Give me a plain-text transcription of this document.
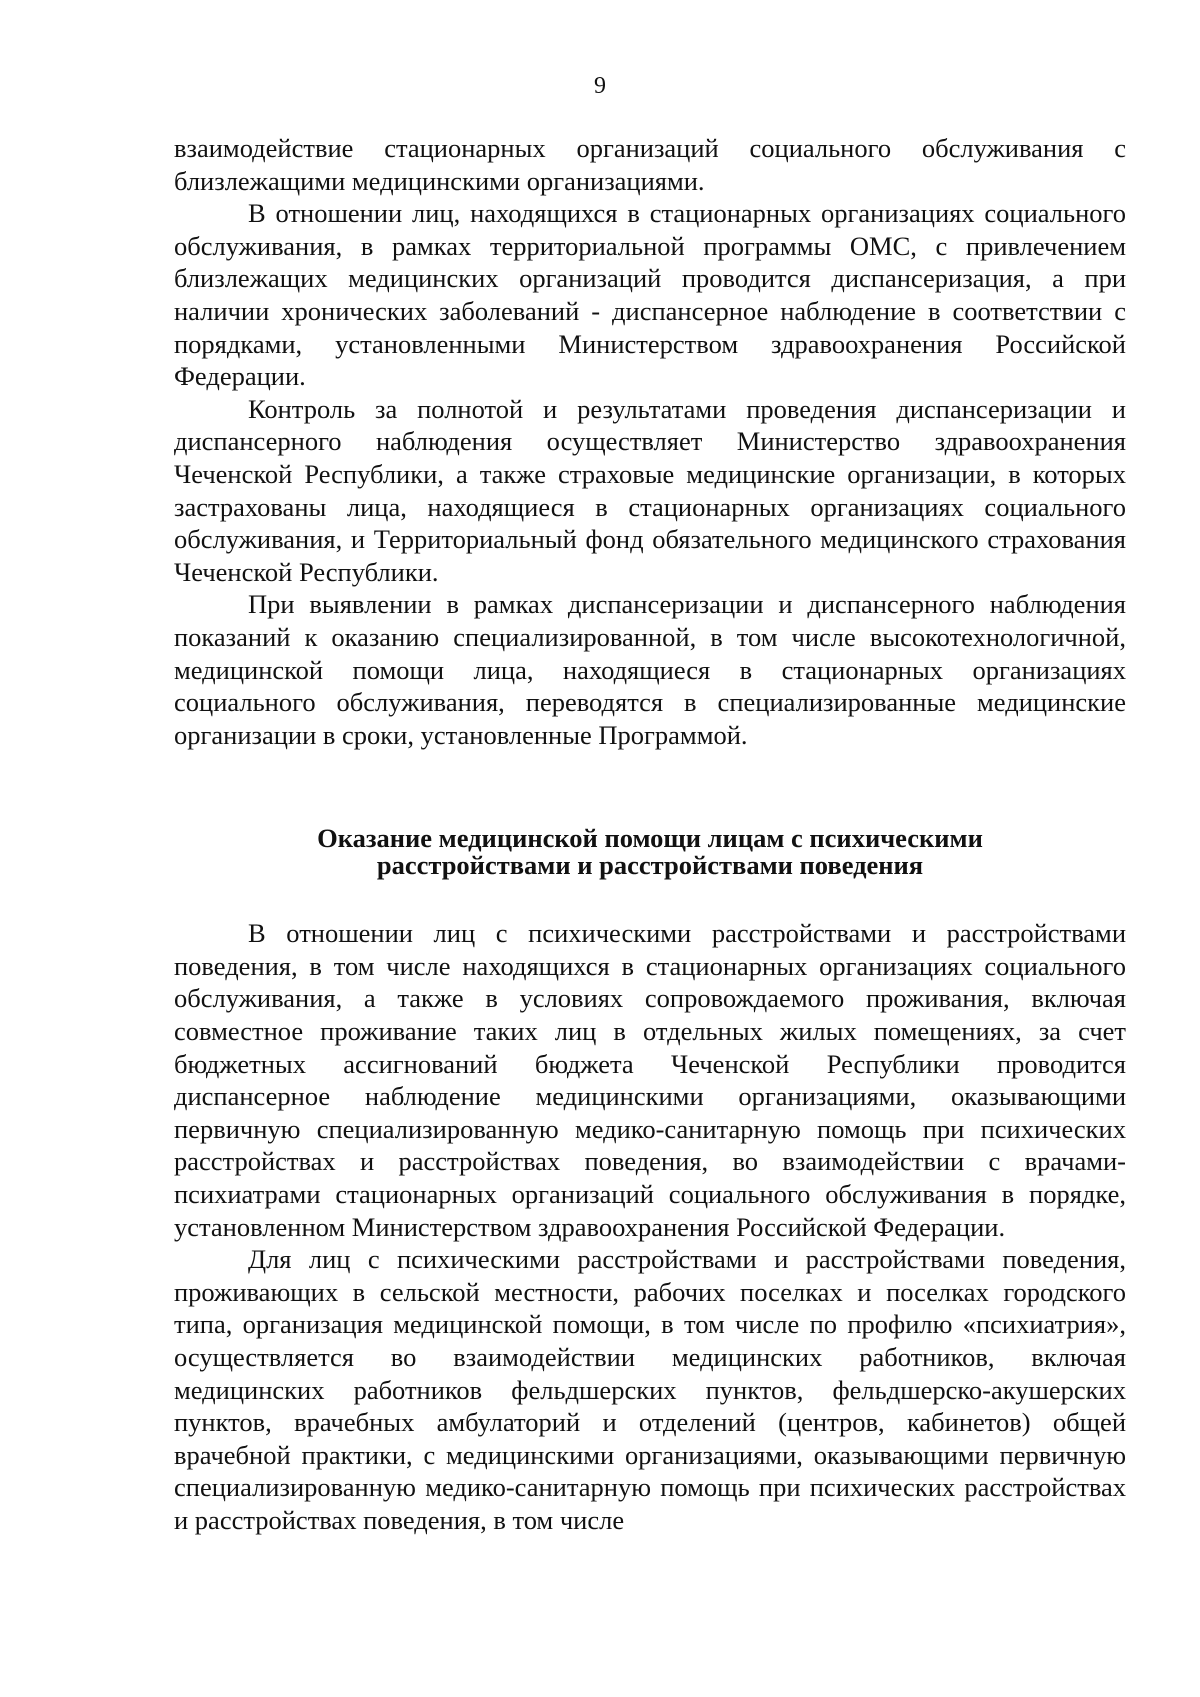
9

взаимодействие стационарных организаций социального обслуживания с близлежащими медицинскими организациями.

В отношении лиц, находящихся в стационарных организациях социального обслуживания, в рамках территориальной программы ОМС, с привлечением близлежащих медицинских организаций проводится диспансеризация, а при наличии хронических заболеваний - диспансерное наблюдение в соответствии с порядками, установленными Министерством здравоохранения Российской Федерации.

Контроль за полнотой и результатами проведения диспансеризации и диспансерного наблюдения осуществляет Министерство здравоохранения Чеченской Республики, а также страховые медицинские организации, в которых застрахованы лица, находящиеся в стационарных организациях социального обслуживания, и Территориальный фонд обязательного медицинского страхования Чеченской Республики.

При выявлении в рамках диспансеризации и диспансерного наблюдения показаний к оказанию специализированной, в том числе высокотехнологичной, медицинской помощи лица, находящиеся в стационарных организациях социального обслуживания, переводятся в специализированные медицинские организации в сроки, установленные Программой.

Оказание медицинской помощи лицам с психическими расстройствами и расстройствами поведения

В отношении лиц с психическими расстройствами и расстройствами поведения, в том числе находящихся в стационарных организациях социального обслуживания, а также в условиях сопровождаемого проживания, включая совместное проживание таких лиц в отдельных жилых помещениях, за счет бюджетных ассигнований бюджета Чеченской Республики проводится диспансерное наблюдение медицинскими организациями, оказывающими первичную специализированную медико-санитарную помощь при психических расстройствах и расстройствах поведения, во взаимодействии с врачами-психиатрами стационарных организаций социального обслуживания в порядке, установленном Министерством здравоохранения Российской Федерации.

Для лиц с психическими расстройствами и расстройствами поведения, проживающих в сельской местности, рабочих поселках и поселках городского типа, организация медицинской помощи, в том числе по профилю «психиатрия», осуществляется во взаимодействии медицинских работников, включая медицинских работников фельдшерских пунктов, фельдшерско-акушерских пунктов, врачебных амбулаторий и отделений (центров, кабинетов) общей врачебной практики, с медицинскими организациями, оказывающими первичную специализированную медико-санитарную помощь при психических расстройствах и расстройствах поведения, в том числе
